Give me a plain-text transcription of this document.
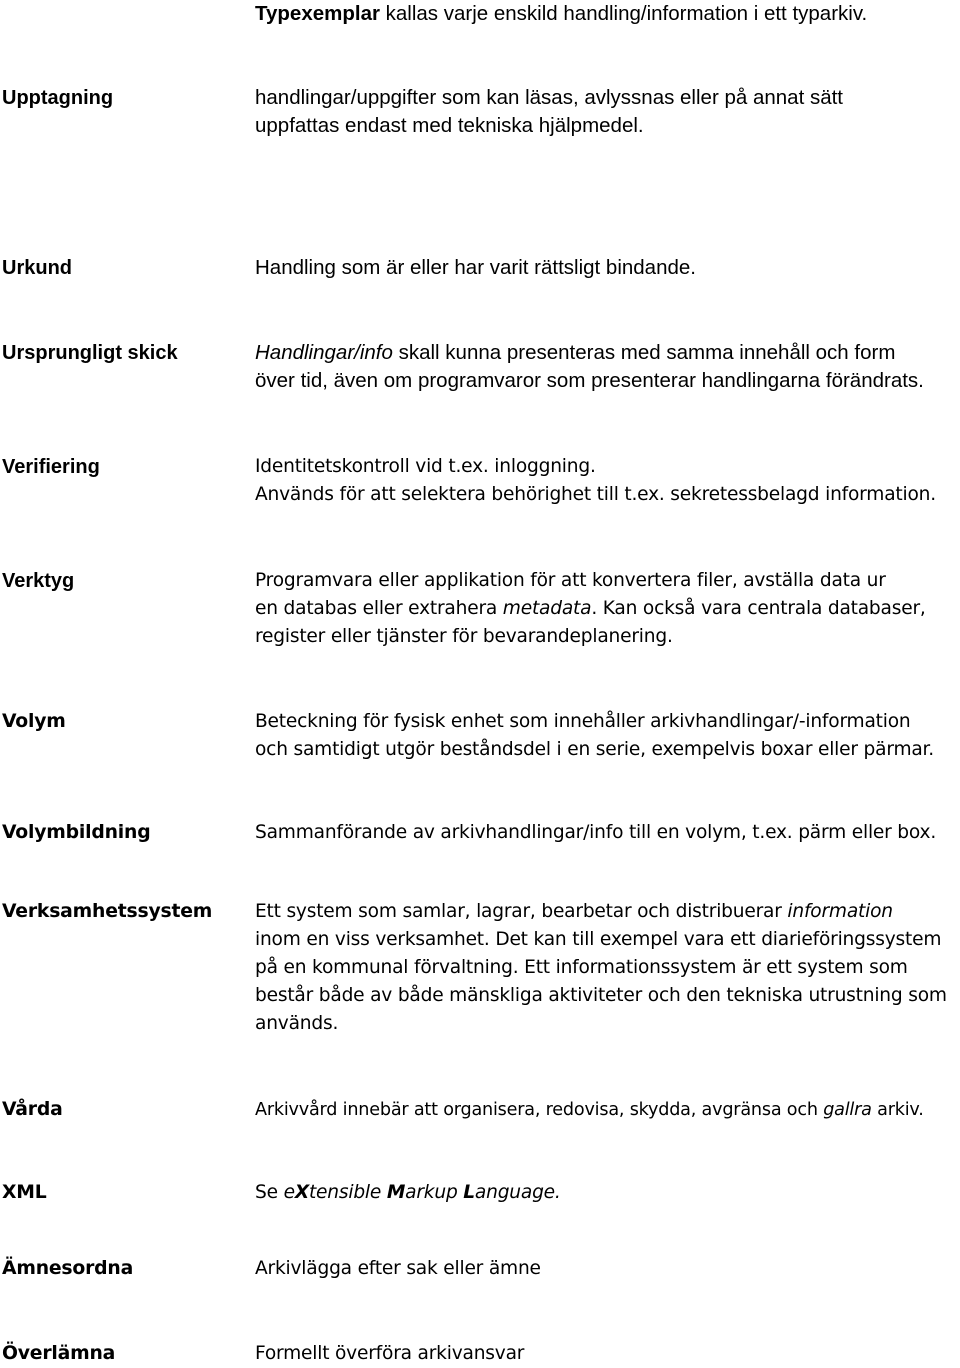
Typexemplar kallas varje enskild handling/information i ett typarkiv.
Upptagning	handlingar/uppgifter som kan läsas, avlyssnas eller på annat sätt
uppfattas endast med tekniska hjälpmedel.
Urkund	Handling som är eller har varit rättsligt bindande.
Ursprungligt skick	Handlingar/info skall kunna presenteras med samma innehåll och form
över tid, även om programvaror som presenterar handlingarna förändrats.
Verifiering	Identitetskontroll vid t.ex. inloggning.
Används för att selektera behörighet till t.ex. sekretessbelagd information.
Verktyg	Programvara eller applikation för att konvertera filer, avställa data ur
en databas eller extrahera metadata. Kan också vara centrala databaser,
register eller tjänster för bevarandeplanering.
Volym	Beteckning för fysisk enhet som innehåller arkivhandlingar/-information
och samtidigt utgör beståndsdel i en serie, exempelvis boxar eller pärmar.
Volymbildning	Sammanförande av arkivhandlingar/info till en volym, t.ex. pärm eller box.
Verksamhetssystem Ett system som samlar, lagrar, bearbetar och distribuerar information
inom en viss verksamhet. Det kan till exempel vara ett diarieföringssystem
på en kommunal förvaltning. Ett informationssystem är ett system som
består både av både mänskliga aktiviteter och den tekniska utrustning som
används.
Vårda	Arkivvård innebär att organisera, redovisa, skydda, avgränsa och gallra arkiv.
XML	Se eXtensible Markup Language.
Ämnesordna	Arkivlägga efter sak eller ämne
Överlämna	Formellt överföra arkivansvar
